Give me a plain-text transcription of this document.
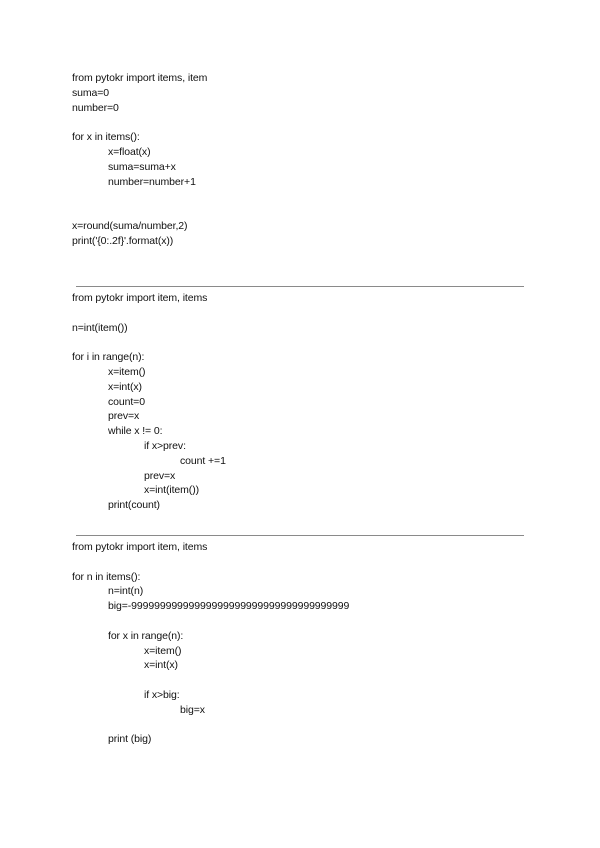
from pytokr import items, item
suma=0
number=0
for x in items():
x=float(x)
suma=suma+x
number=number+1
x=round(suma/number,2)
print('{0:.2f}'.format(x))
from pytokr import item, items
n=int(item())
for i in range(n):
x=item()
x=int(x)
count=0
prev=x
while x != 0:
if x>prev:
count +=1
prev=x
x=int(item())
print(count)
from pytokr import item, items
for n in items():
n=int(n)
big=-99999999999999999999999999999999999999
for x in range(n):
x=item()
x=int(x)
if x>big:
big=x
print (big)
